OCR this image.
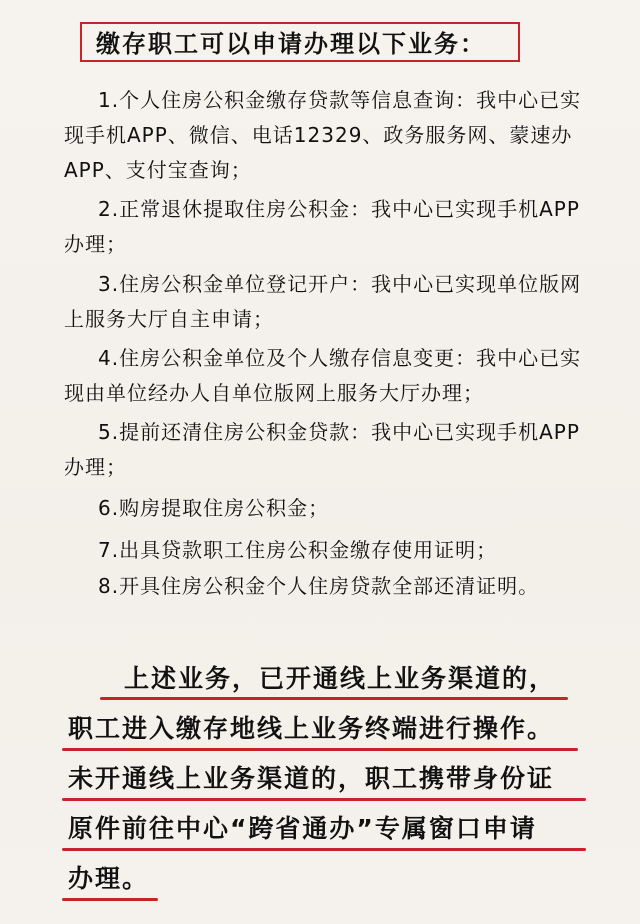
缴存职工可以申请办理以下业务：
1.个人住房公积金缴存贷款等信息查询：我中心已实
现手机APP、微信、电话12329、政务服务网、蒙速办
APP、支付宝查询；
2.正常退休提取住房公积金：我中心已实现手机APP
办理；
3.住房公积金单位登记开户：我中心已实现单位版网
上服务大厅自主申请；
4.住房公积金单位及个人缴存信息变更：我中心已实
现由单位经办人自单位版网上服务大厅办理；
5.提前还清住房公积金贷款：我中心已实现手机APP
办理；
6.购房提取住房公积金；
7.出具贷款职工住房公积金缴存使用证明；
8.开具住房公积金个人住房贷款全部还清证明。
上述业务，已开通线上业务渠道的，
职工进入缴存地线上业务终端进行操作。
未开通线上业务渠道的，职工携带身份证
原件前往中心“跨省通办”专属窗口申请
办理。
